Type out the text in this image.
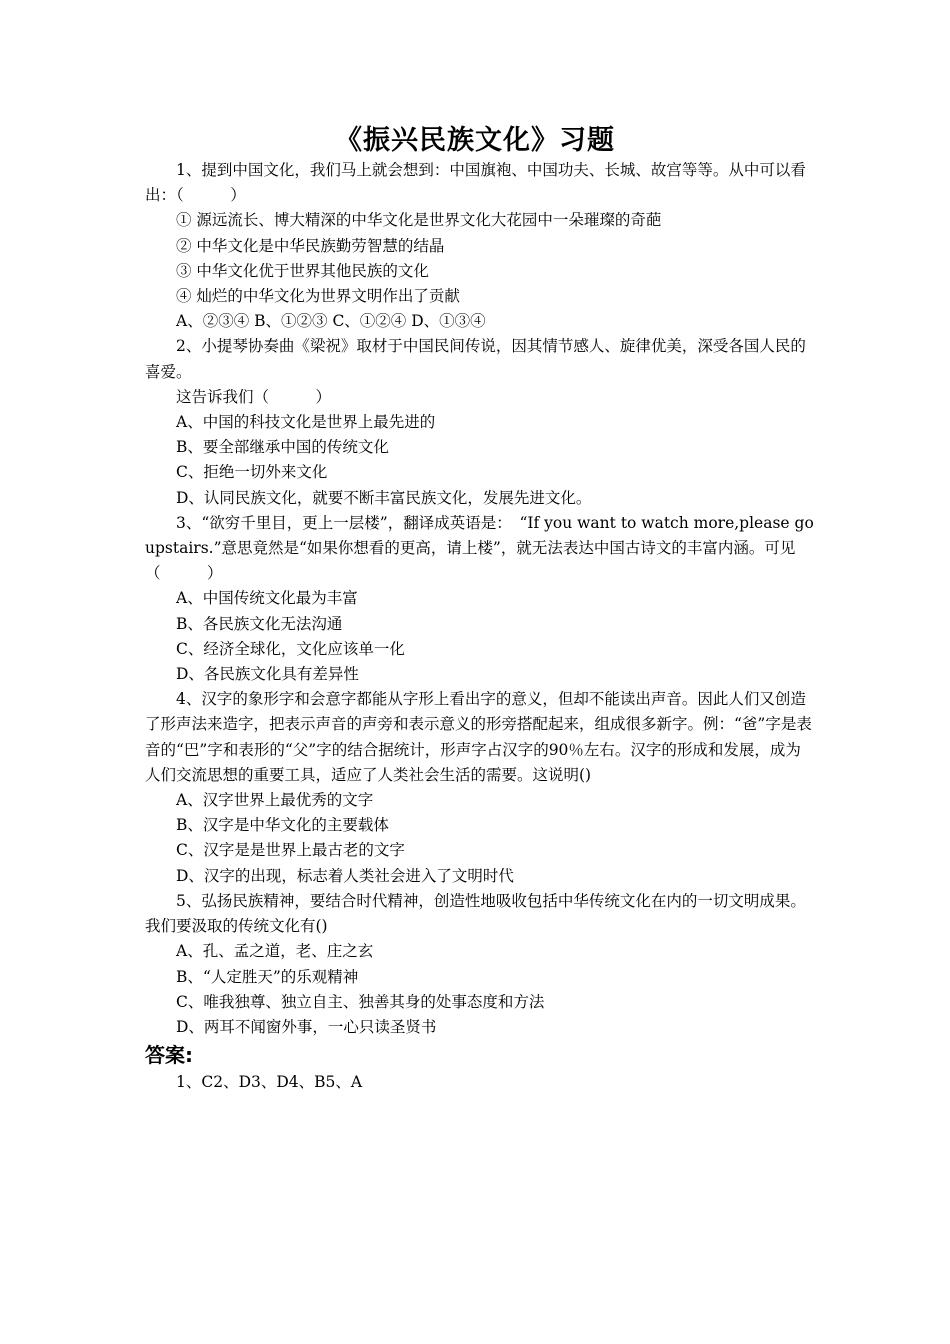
《振兴民族文化》习题

1、提到中国文化，我们马上就会想到：中国旗袍、中国功夫、长城、故宫等等。从中可以看出：（　　　）

① 源远流长、博大精深的中华文化是世界文化大花园中一朵璀璨的奇葩

② 中华文化是中华民族勤劳智慧的结晶

③ 中华文化优于世界其他民族的文化

④ 灿烂的中华文化为世界文明作出了贡献

A、②③④ B、①②③ C、①②④ D、①③④

2、小提琴协奏曲《梁祝》取材于中国民间传说，因其情节感人、旋律优美，深受各国人民的喜爱。

这告诉我们（　　　）

A、中国的科技文化是世界上最先进的

B、要全部继承中国的传统文化

C、拒绝一切外来文化

D、认同民族文化，就要不断丰富民族文化，发展先进文化。

3、“欲穷千里目，更上一层楼”，翻译成英语是：　“If you want to watch more,please go upstairs.”意思竟然是“如果你想看的更高，请上楼”，就无法表达中国古诗文的丰富内涵。可见（　　　）

A、中国传统文化最为丰富

B、各民族文化无法沟通

C、经济全球化，文化应该单一化

D、各民族文化具有差异性

4、汉字的象形字和会意字都能从字形上看出字的意义，但却不能读出声音。因此人们又创造了形声法来造字，把表示声音的声旁和表示意义的形旁搭配起来，组成很多新字。例：“爸”字是表音的“巴”字和表形的“父”字的结合据统计，形声字占汉字的90％左右。汉字的形成和发展，成为人们交流思想的重要工具，适应了人类社会生活的需要。这说明()

A、汉字世界上最优秀的文字

B、汉字是中华文化的主要载体

C、汉字是是世界上最古老的文字

D、汉字的出现，标志着人类社会进入了文明时代

5、弘扬民族精神，要结合时代精神，创造性地吸收包括中华传统文化在内的一切文明成果。我们要汲取的传统文化有()

A、孔、孟之道，老、庄之玄

B、“人定胜天”的乐观精神

C、唯我独尊、独立自主、独善其身的处事态度和方法

D、两耳不闻窗外事，一心只读圣贤书

答案:

1、C2、D3、D4、B5、A
